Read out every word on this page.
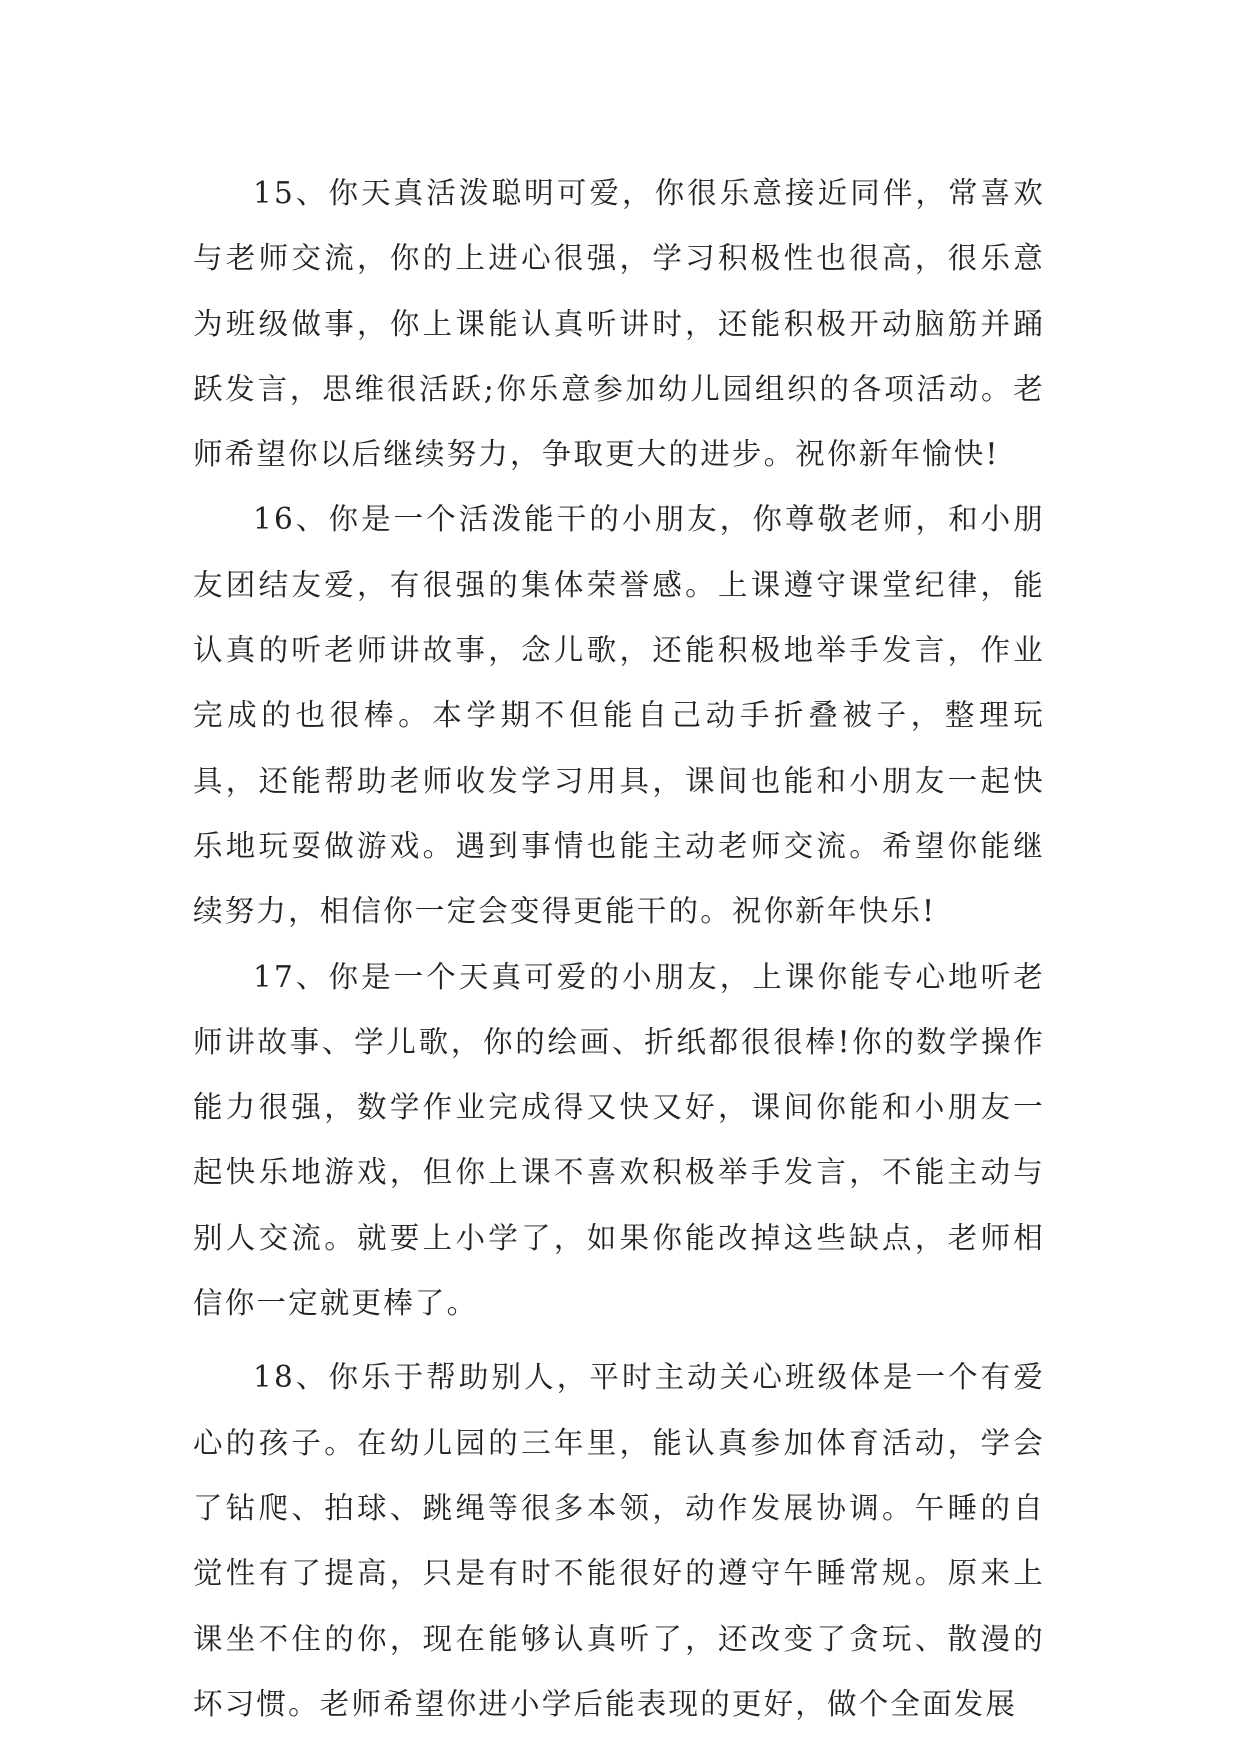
15、你天真活泼聪明可爱，你很乐意接近同伴，常喜欢与老师交流，你的上进心很强，学习积极性也很高，很乐意为班级做事，你上课能认真听讲时，还能积极开动脑筋并踊跃发言，思维很活跃;你乐意参加幼儿园组织的各项活动。老师希望你以后继续努力，争取更大的进步。祝你新年愉快!

16、你是一个活泼能干的小朋友，你尊敬老师，和小朋友团结友爱，有很强的集体荣誉感。上课遵守课堂纪律，能认真的听老师讲故事，念儿歌，还能积极地举手发言，作业完成的也很棒。本学期不但能自己动手折叠被子，整理玩具，还能帮助老师收发学习用具，课间也能和小朋友一起快乐地玩耍做游戏。遇到事情也能主动老师交流。希望你能继续努力，相信你一定会变得更能干的。祝你新年快乐!

17、你是一个天真可爱的小朋友，上课你能专心地听老师讲故事、学儿歌，你的绘画、折纸都很很棒!你的数学操作能力很强，数学作业完成得又快又好，课间你能和小朋友一起快乐地游戏，但你上课不喜欢积极举手发言，不能主动与别人交流。就要上小学了，如果你能改掉这些缺点，老师相信你一定就更棒了。

18、你乐于帮助别人，平时主动关心班级体是一个有爱心的孩子。在幼儿园的三年里，能认真参加体育活动，学会了钻爬、拍球、跳绳等很多本领，动作发展协调。午睡的自觉性有了提高，只是有时不能很好的遵守午睡常规。原来上课坐不住的你，现在能够认真听了，还改变了贪玩、散漫的坏习惯。老师希望你进小学后能表现的更好，做个全面发展
